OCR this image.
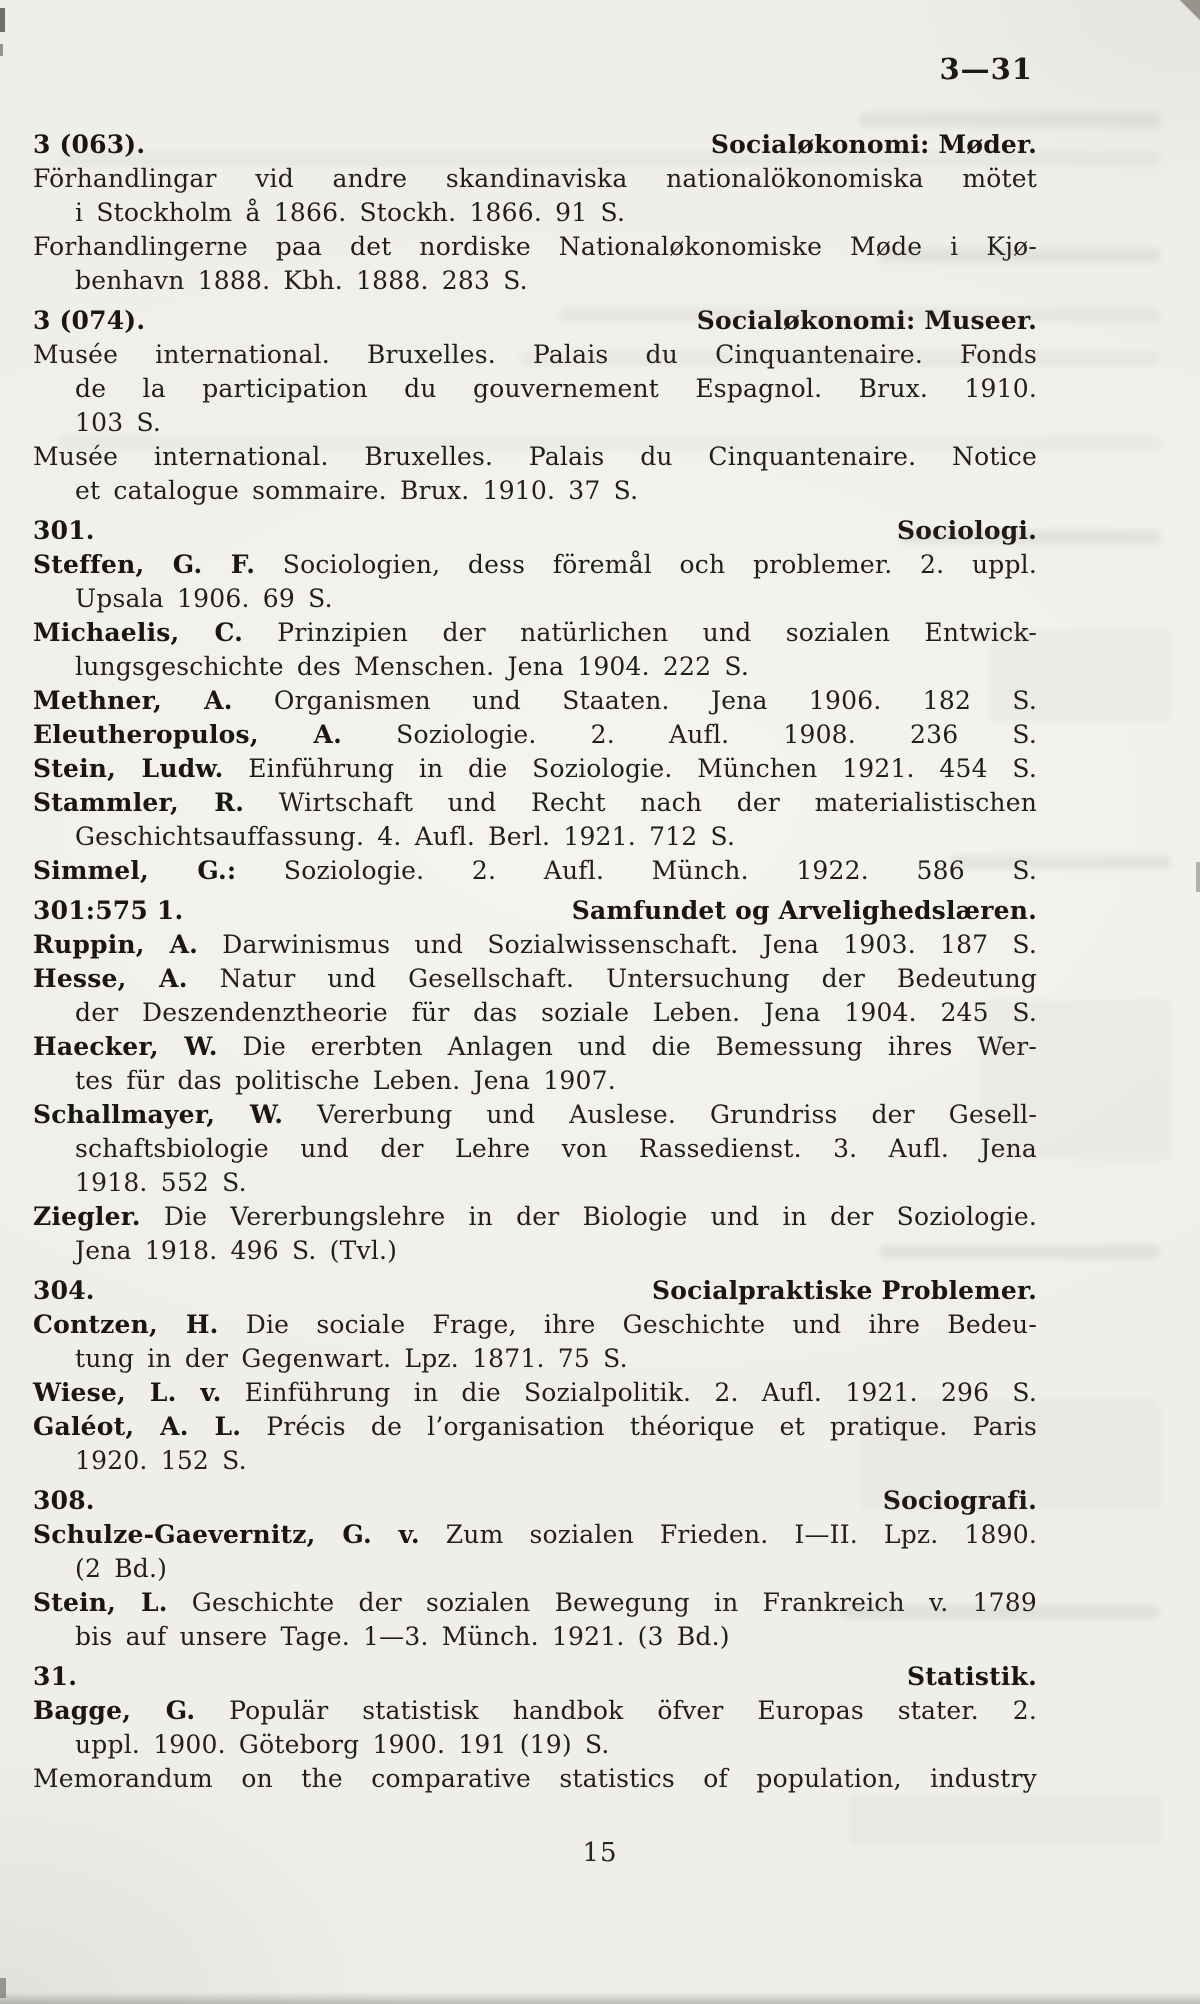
3—31
3 (063).	Socialøkonomi: Møder.
Förhandlingar vid andre skandinaviska nationalökonomiska mötet
i Stockholm å 1866. Stockh. 1866. 91 S.
Forhandlingerne paa det nordiske Nationaløkonomiske Møde i Kjø-
benhavn 1888. Kbh. 1888. 283 S.
3 (074).	Socialøkonomi: Museer.
Musée international. Bruxelles. Palais du Cinquantenaire. Fonds
de la participation du gouvernement Espagnol. Brux. 1910.
103 S.
Musée international. Bruxelles. Palais du Cinquantenaire. Notice
et catalogue sommaire. Brux. 1910. 37 S.
301.	Sociologi.
Steffen, G. F. Sociologien, dess föremål och problemer. 2. uppl.
Upsala 1906. 69 S.
Michaelis, C. Prinzipien der natürlichen und sozialen Entwick-
lungsgeschichte des Menschen. Jena 1904. 222 S.
Methner, A. Organismen und Staaten. Jena 1906. 182 S.
Eleutheropulos, A. Soziologie. 2. Aufl. 1908. 236 S.
Stein, Ludw. Einführung in die Soziologie. München 1921. 454 S.
Stammler, R. Wirtschaft und Recht nach der materialistischen
Geschichtsauffassung. 4. Aufl. Berl. 1921. 712 S.
Simmel, G.: Soziologie. 2. Aufl. Münch. 1922. 586 S.
301:575 1.	Samfundet og Arvelighedslæren.
Ruppin, A. Darwinismus und Sozialwissenschaft. Jena 1903. 187 S.
Hesse, A. Natur und Gesellschaft. Untersuchung der Bedeutung
der Deszendenztheorie für das soziale Leben. Jena 1904. 245 S.
Haecker, W. Die ererbten Anlagen und die Bemessung ihres Wer-
tes für das politische Leben. Jena 1907.
Schallmayer, W. Vererbung und Auslese. Grundriss der Gesell-
schaftsbiologie und der Lehre von Rassedienst. 3. Aufl. Jena
1918. 552 S.
Ziegler. Die Vererbungslehre in der Biologie und in der Soziologie.
Jena 1918. 496 S. (Tvl.)
304.	Socialpraktiske Problemer.
Contzen, H. Die sociale Frage, ihre Geschichte und ihre Bedeu-
tung in der Gegenwart. Lpz. 1871. 75 S.
Wiese, L. v. Einführung in die Sozialpolitik. 2. Aufl. 1921. 296 S.
Galéot, A. L. Précis de l’organisation théorique et pratique. Paris
1920. 152 S.
308.	Sociografi.
Schulze-Gaevernitz, G. v. Zum sozialen Frieden. I—II. Lpz. 1890.
(2 Bd.)
Stein, L. Geschichte der sozialen Bewegung in Frankreich v. 1789
bis auf unsere Tage. 1—3. Münch. 1921. (3 Bd.)
31.	Statistik.
Bagge, G. Populär statistisk handbok öfver Europas stater. 2.
uppl. 1900. Göteborg 1900. 191 (19) S.
Memorandum on the comparative statistics of population, industry
15
